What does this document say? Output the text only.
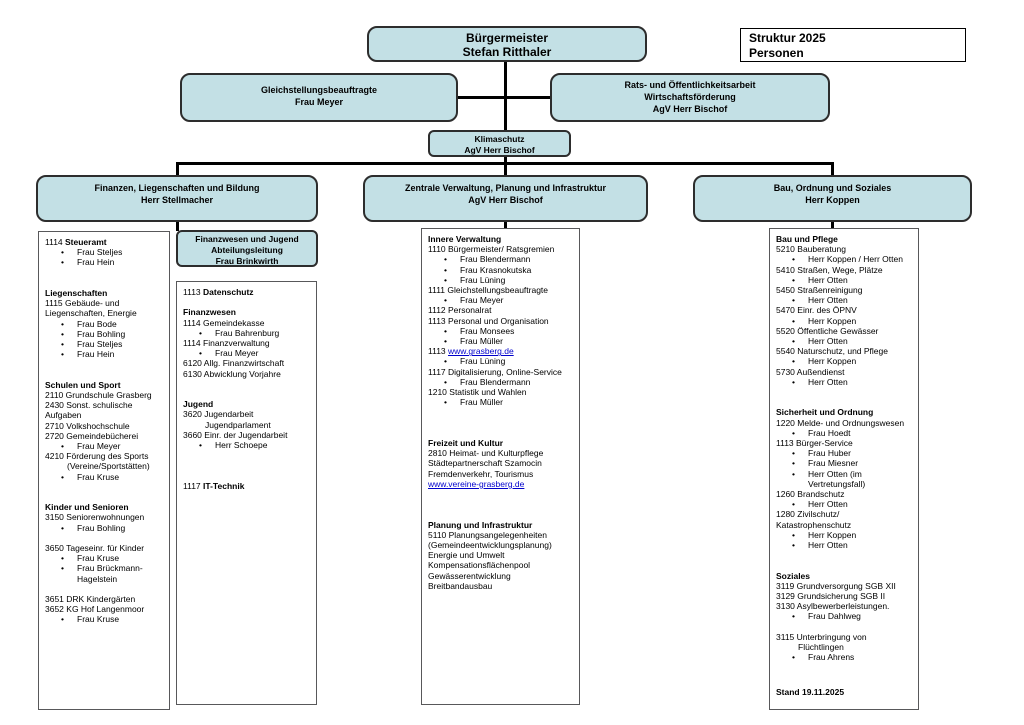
Bürgermeister
Stefan Ritthaler
Struktur 2025
Personen
Gleichstellungsbeauftragte
Frau Meyer
Rats- und Öffentlichkeitsarbeit
Wirtschaftsförderung
AgV Herr Bischof
Klimaschutz
AgV Herr Bischof
Finanzen, Liegenschaften und Bildung
Herr Stellmacher
Zentrale Verwaltung, Planung und Infrastruktur
AgV Herr Bischof
Bau, Ordnung und Soziales
Herr Koppen
Finanzwesen und Jugend
Abteilungsleitung
Frau Brinkwirth
1114 Steueramt
•	Frau Steljes
•	Frau Hein
Liegenschaften
1115 Gebäude- und
Liegenschaften, Energie
•	Frau Bode
•	Frau Bohling
•	Frau Steljes
•	Frau Hein
Schulen und Sport
2110 Grundschule Grasberg
2430 Sonst. schulische
Aufgaben
2710 Volkshochschule
2720 Gemeindebücherei
•	Frau Meyer
4210 Förderung des Sports
(Vereine/Sportstätten)
•	Frau Kruse
Kinder und Senioren
3150 Seniorenwohnungen
•	Frau Bohling
3650 Tageseinr. für Kinder
•	Frau Kruse
•	Frau Brückmann-
Hagelstein
3651 DRK Kindergärten
3652 KG Hof Langenmoor
•	Frau Kruse
1113 Datenschutz
Finanzwesen
1114 Gemeindekasse
•	Frau Bahrenburg
1114 Finanzverwaltung
•	Frau Meyer
6120 Allg. Finanzwirtschaft
6130 Abwicklung Vorjahre
Jugend
3620 Jugendarbeit
Jugendparlament
3660 Einr. der Jugendarbeit
•	Herr Schoepe
1117 IT-Technik
Innere Verwaltung
1110 Bürgermeister/ Ratsgremien
•	Frau Blendermann
•	Frau Krasnokutska
•	Frau Lüning
1111 Gleichstellungsbeauftragte
•	Frau Meyer
1112 Personalrat
1113 Personal und Organisation
•	Frau Monsees
•	Frau Müller
1113 www.grasberg.de
•	Frau Lüning
1117 Digitalisierung, Online-Service
•	Frau Blendermann
1210 Statistik und Wahlen
•	Frau Müller
Freizeit und Kultur
2810 Heimat- und Kulturpflege
Städtepartnerschaft Szamocin
Fremdenverkehr, Tourismus
www.vereine-grasberg.de
Planung und Infrastruktur
5110 Planungsangelegenheiten
(Gemeindeentwicklungsplanung)
Energie und Umwelt
Kompensationsflächenpool
Gewässerentwicklung
Breitbandausbau
Stand 19.11.2025
Bau und Pflege
5210 Bauberatung
•	Herr Koppen / Herr Otten
5410 Straßen, Wege, Plätze
•	Herr Otten
5450 Straßenreinigung
•	Herr Otten
5470 Einr. des ÖPNV
•	Herr Koppen
5520 Öffentliche Gewässer
•	Herr Otten
5540 Naturschutz, und Pflege
•	Herr Koppen
5730 Außendienst
•	Herr Otten
Sicherheit und Ordnung
1220 Melde- und Ordnungswesen
•	Frau Hoedt
1113 Bürger-Service
•	Frau Huber
•	Frau Miesner
•	Herr Otten (im
Vertretungsfall)
1260 Brandschutz
•	Herr Otten
1280 Zivilschutz/
Katastrophenschutz
•	Herr Koppen
•	Herr Otten
Soziales
3119 Grundversorgung SGB XII
3129 Grundsicherung SGB II
3130 Asylbewerberleistungen.
•	Frau Dahlweg
3115 Unterbringung von
Flüchtlingen
•	Frau Ahrens
